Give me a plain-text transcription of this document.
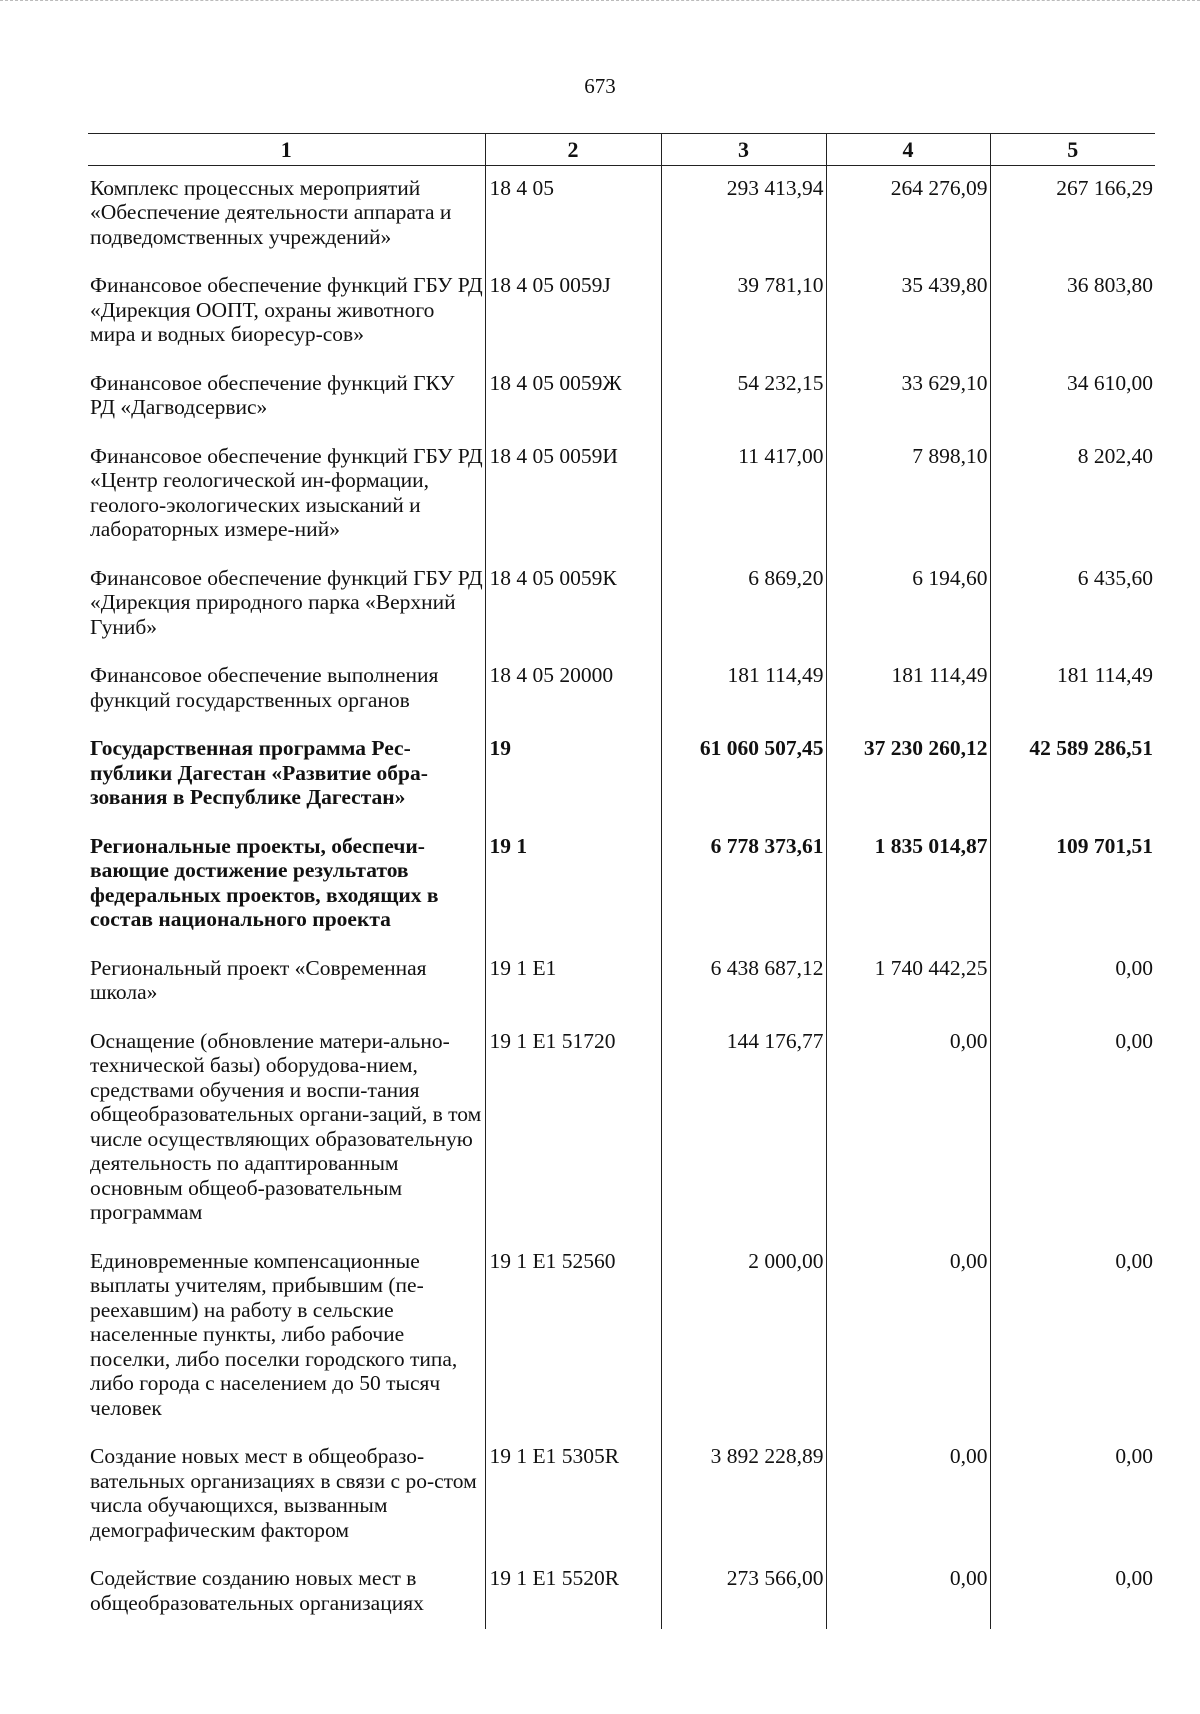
673
1	2	3	4	5
Комплекс процессных мероприятий «Обеспечение деятельности аппарата и подведомственных учреждений»	18 4 05	293 413,94	264 276,09	267 166,29
Финансовое обеспечение функций ГБУ РД «Дирекция ООПТ, охраны животного мира и водных биоресур-сов»	18 4 05 0059J	39 781,10	35 439,80	36 803,80
Финансовое обеспечение функций ГКУ РД «Дагводсервис»	18 4 05 0059Ж	54 232,15	33 629,10	34 610,00
Финансовое обеспечение функций ГБУ РД «Центр геологической ин-формации, геолого-экологических изысканий и лабораторных измере-ний»	18 4 05 0059И	11 417,00	7 898,10	8 202,40
Финансовое обеспечение функций ГБУ РД «Дирекция природного парка «Верхний Гуниб»	18 4 05 0059К	6 869,20	6 194,60	6 435,60
Финансовое обеспечение выполнения функций государственных органов	18 4 05 20000	181 114,49	181 114,49	181 114,49
Государственная программа Рес-публики Дагестан «Развитие обра-зования в Республике Дагестан»	19	61 060 507,45	37 230 260,12	42 589 286,51
Региональные проекты, обеспечи-вающие достижение результатов федеральных проектов, входящих в состав национального проекта	19 1	6 778 373,61	1 835 014,87	109 701,51
Региональный проект «Современная школа»	19 1 E1	6 438 687,12	1 740 442,25	0,00
Оснащение (обновление матери-ально-технической базы) оборудова-нием, средствами обучения и воспи-тания общеобразовательных органи-заций, в том числе осуществляющих образовательную деятельность по адаптированным основным общеоб-разовательным программам	19 1 E1 51720	144 176,77	0,00	0,00
Единовременные компенсационные выплаты учителям, прибывшим (пе-реехавшим) на работу в сельские населенные пункты, либо рабочие поселки, либо поселки городского типа, либо города с населением до 50 тысяч человек	19 1 E1 52560	2 000,00	0,00	0,00
Создание новых мест в общеобразо-вательных организациях в связи с ро-стом числа обучающихся, вызванным демографическим фактором	19 1 E1 5305R	3 892 228,89	0,00	0,00
Содействие созданию новых мест в общеобразовательных организациях	19 1 E1 5520R	273 566,00	0,00	0,00
